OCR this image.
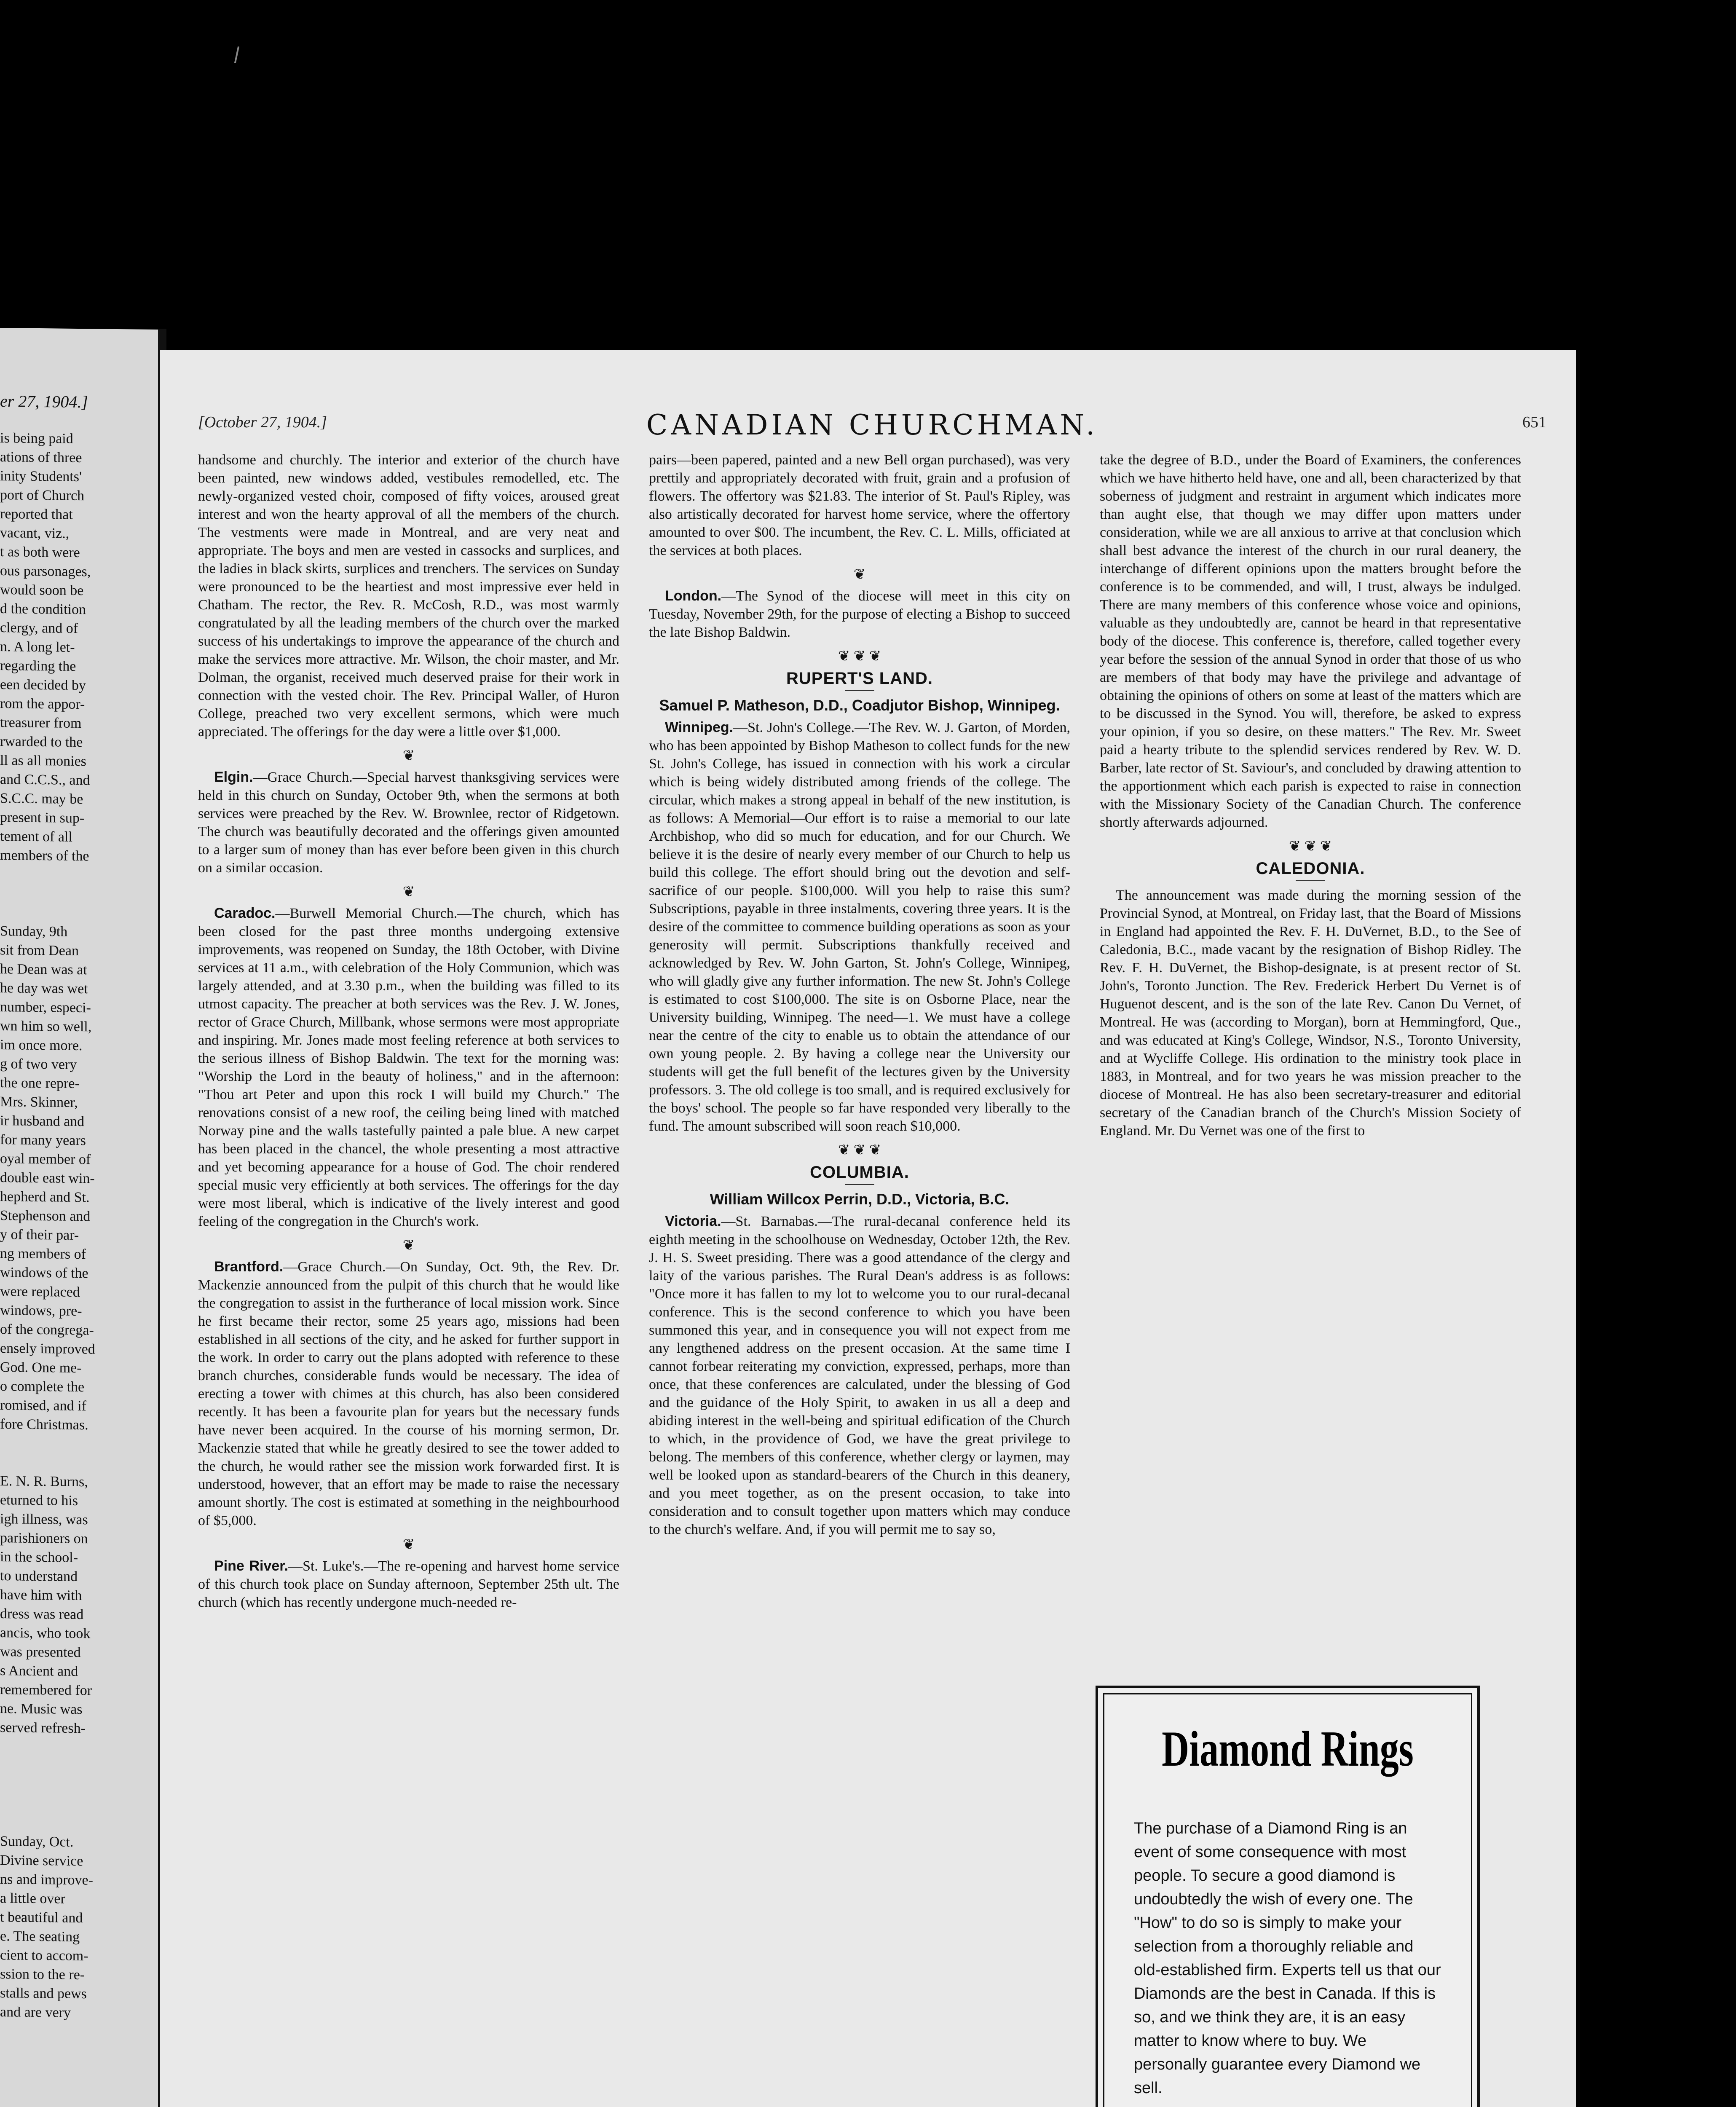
er 27, 1904.]
is being paid
ations of three
inity Students'
port of Church
reported that
vacant, viz.,
t as both were
ous parsonages,
would soon be
d the condition
clergy, and of
n. A long let-
regarding the
een decided by
rom the appor-
treasurer from
rwarded to the
ll as all monies
and C.C.S., and
S.C.C. may be
present in sup-
tement of all
members of the
Sunday, 9th
sit from Dean
he Dean was at
he day was wet
number, especi-
wn him so well,
im once more.
g of two very
the one repre-
Mrs. Skinner,
ir husband and
for many years
oyal member of
double east win-
hepherd and St.
Stephenson and
y of their par-
ng members of
windows of the
were replaced
windows, pre-
of the congrega-
ensely improved
God. One me-
o complete the
romised, and if
fore Christmas.
E. N. R. Burns,
eturned to his
igh illness, was
parishioners on
in the school-
to understand
have him with
dress was read
ancis, who took
was presented
s Ancient and
remembered for
ne. Music was
served refresh-
Sunday, Oct.
Divine service
ns and improve-
a little over
t beautiful and
e. The seating
cient to accom-
ssion to the re-
stalls and pews
and are very
[October 27, 1904.]	CANADIAN CHURCHMAN.	651

handsome and churchly. The interior and exterior of the church have been painted, new windows added, vestibules remodelled, etc. The newly-organized vested choir, composed of fifty voices, aroused great interest and won the hearty approval of all the members of the church. The vestments were made in Montreal, and are very neat and appropriate. The boys and men are vested in cassocks and surplices, and the ladies in black skirts, surplices and trenchers. The services on Sunday were pronounced to be the heartiest and most impressive ever held in Chatham. The rector, the Rev. R. McCosh, R.D., was most warmly congratulated by all the leading members of the church over the marked success of his undertakings to improve the appearance of the church and make the services more attractive. Mr. Wilson, the choir master, and Mr. Dolman, the organist, received much deserved praise for their work in connection with the vested choir. The Rev. Principal Waller, of Huron College, preached two very excellent sermons, which were much appreciated. The offerings for the day were a little over $1,000.

❦

Elgin.—Grace Church.—Special harvest thanksgiving services were held in this church on Sunday, October 9th, when the sermons at both services were preached by the Rev. W. Brownlee, rector of Ridgetown. The church was beautifully decorated and the offerings given amounted to a larger sum of money than has ever before been given in this church on a similar occasion.

❦

Caradoc.—Burwell Memorial Church.—The church, which has been closed for the past three months undergoing extensive improvements, was reopened on Sunday, the 18th October, with Divine services at 11 a.m., with celebration of the Holy Communion, which was largely attended, and at 3.30 p.m., when the building was filled to its utmost capacity. The preacher at both services was the Rev. J. W. Jones, rector of Grace Church, Millbank, whose sermons were most appropriate and inspiring. Mr. Jones made most feeling reference at both services to the serious illness of Bishop Baldwin. The text for the morning was: "Worship the Lord in the beauty of holiness," and in the afternoon: "Thou art Peter and upon this rock I will build my Church." The renovations consist of a new roof, the ceiling being lined with matched Norway pine and the walls tastefully painted a pale blue. A new carpet has been placed in the chancel, the whole presenting a most attractive and yet becoming appearance for a house of God. The choir rendered special music very efficiently at both services. The offerings for the day were most liberal, which is indicative of the lively interest and good feeling of the congregation in the Church's work.

❦

Brantford.—Grace Church.—On Sunday, Oct. 9th, the Rev. Dr. Mackenzie announced from the pulpit of this church that he would like the congregation to assist in the furtherance of local mission work. Since he first became their rector, some 25 years ago, missions had been established in all sections of the city, and he asked for further support in the work. In order to carry out the plans adopted with reference to these branch churches, considerable funds would be necessary. The idea of erecting a tower with chimes at this church, has also been considered recently. It has been a favourite plan for years but the necessary funds have never been acquired. In the course of his morning sermon, Dr. Mackenzie stated that while he greatly desired to see the tower added to the church, he would rather see the mission work forwarded first. It is understood, however, that an effort may be made to raise the necessary amount shortly. The cost is estimated at something in the neighbourhood of $5,000.

❦

Pine River.—St. Luke's.—The re-opening and harvest home service of this church took place on Sunday afternoon, September 25th ult. The church (which has recently undergone much-needed re-

pairs—been papered, painted and a new Bell organ purchased), was very prettily and appropriately decorated with fruit, grain and a profusion of flowers. The offertory was $21.83. The interior of St. Paul's Ripley, was also artistically decorated for harvest home service, where the offertory amounted to over $00. The incumbent, the Rev. C. L. Mills, officiated at the services at both places.

❦

London.—The Synod of the diocese will meet in this city on Tuesday, November 29th, for the purpose of electing a Bishop to succeed the late Bishop Baldwin.

❦ ❦ ❦
RUPERT'S LAND.
Samuel P. Matheson, D.D., Coadjutor Bishop, Winnipeg.

Winnipeg.—St. John's College.—The Rev. W. J. Garton, of Morden, who has been appointed by Bishop Matheson to collect funds for the new St. John's College, has issued in connection with his work a circular which is being widely distributed among friends of the college. The circular, which makes a strong appeal in behalf of the new institution, is as follows: A Memorial—Our effort is to raise a memorial to our late Archbishop, who did so much for education, and for our Church. We believe it is the desire of nearly every member of our Church to help us build this college. The effort should bring out the devotion and self-sacrifice of our people. $100,000. Will you help to raise this sum? Subscriptions, payable in three instalments, covering three years. It is the desire of the committee to commence building operations as soon as your generosity will permit. Subscriptions thankfully received and acknowledged by Rev. W. John Garton, St. John's College, Winnipeg, who will gladly give any further information. The new St. John's College is estimated to cost $100,000. The site is on Osborne Place, near the University building, Winnipeg. The need—1. We must have a college near the centre of the city to enable us to obtain the attendance of our own young people. 2. By having a college near the University our students will get the full benefit of the lectures given by the University professors. 3. The old college is too small, and is required exclusively for the boys' school. The people so far have responded very liberally to the fund. The amount subscribed will soon reach $10,000.

❦ ❦ ❦
COLUMBIA.
William Willcox Perrin, D.D., Victoria, B.C.

Victoria.—St. Barnabas.—The rural-decanal conference held its eighth meeting in the schoolhouse on Wednesday, October 12th, the Rev. J. H. S. Sweet presiding. There was a good attendance of the clergy and laity of the various parishes. The Rural Dean's address is as follows: "Once more it has fallen to my lot to welcome you to our rural-decanal conference. This is the second conference to which you have been summoned this year, and in consequence you will not expect from me any lengthened address on the present occasion. At the same time I cannot forbear reiterating my conviction, expressed, perhaps, more than once, that these conferences are calculated, under the blessing of God and the guidance of the Holy Spirit, to awaken in us all a deep and abiding interest in the well-being and spiritual edification of the Church to which, in the providence of God, we have the great privilege to belong. The members of this conference, whether clergy or laymen, may well be looked upon as standard-bearers of the Church in this deanery, and you meet together, as on the present occasion, to take into consideration and to consult together upon matters which may conduce to the church's welfare. And, if you will permit me to say so,

take the degree of B.D., under the Board of Examiners, the conferences which we have hitherto held have, one and all, been characterized by that soberness of judgment and restraint in argument which indicates more than aught else, that though we may differ upon matters under consideration, while we are all anxious to arrive at that conclusion which shall best advance the interest of the church in our rural deanery, the interchange of different opinions upon the matters brought before the conference is to be commended, and will, I trust, always be indulged. There are many members of this conference whose voice and opinions, valuable as they undoubtedly are, cannot be heard in that representative body of the diocese. This conference is, therefore, called together every year before the session of the annual Synod in order that those of us who are members of that body may have the privilege and advantage of obtaining the opinions of others on some at least of the matters which are to be discussed in the Synod. You will, therefore, be asked to express your opinion, if you so desire, on these matters." The Rev. Mr. Sweet paid a hearty tribute to the splendid services rendered by Rev. W. D. Barber, late rector of St. Saviour's, and concluded by drawing attention to the apportionment which each parish is expected to raise in connection with the Missionary Society of the Canadian Church. The conference shortly afterwards adjourned.

❦ ❦ ❦
CALEDONIA.

The announcement was made during the morning session of the Provincial Synod, at Montreal, on Friday last, that the Board of Missions in England had appointed the Rev. F. H. DuVernet, B.D., to the See of Caledonia, B.C., made vacant by the resignation of Bishop Ridley. The Rev. F. H. DuVernet, the Bishop-designate, is at present rector of St. John's, Toronto Junction. The Rev. Frederick Herbert Du Vernet is of Huguenot descent, and is the son of the late Rev. Canon Du Vernet, of Montreal. He was (according to Morgan), born at Hemmingford, Que., and was educated at King's College, Windsor, N.S., Toronto University, and at Wycliffe College. His ordination to the ministry took place in 1883, in Montreal, and for two years he was mission preacher to the diocese of Montreal. He has also been secretary-treasurer and editorial secretary of the Canadian branch of the Church's Mission Society of England. Mr. Du Vernet was one of the first to

Diamond Rings
The purchase of a Diamond Ring is an event of some consequence with most people. To secure a good diamond is undoubtedly the wish of every one. The "How" to do so is simply to make your selection from a thoroughly reliable and old-established firm. Experts tell us that our Diamonds are the best in Canada. If this is so, and we think they are, it is an easy matter to know where to buy. We personally guarantee every Diamond we sell.
